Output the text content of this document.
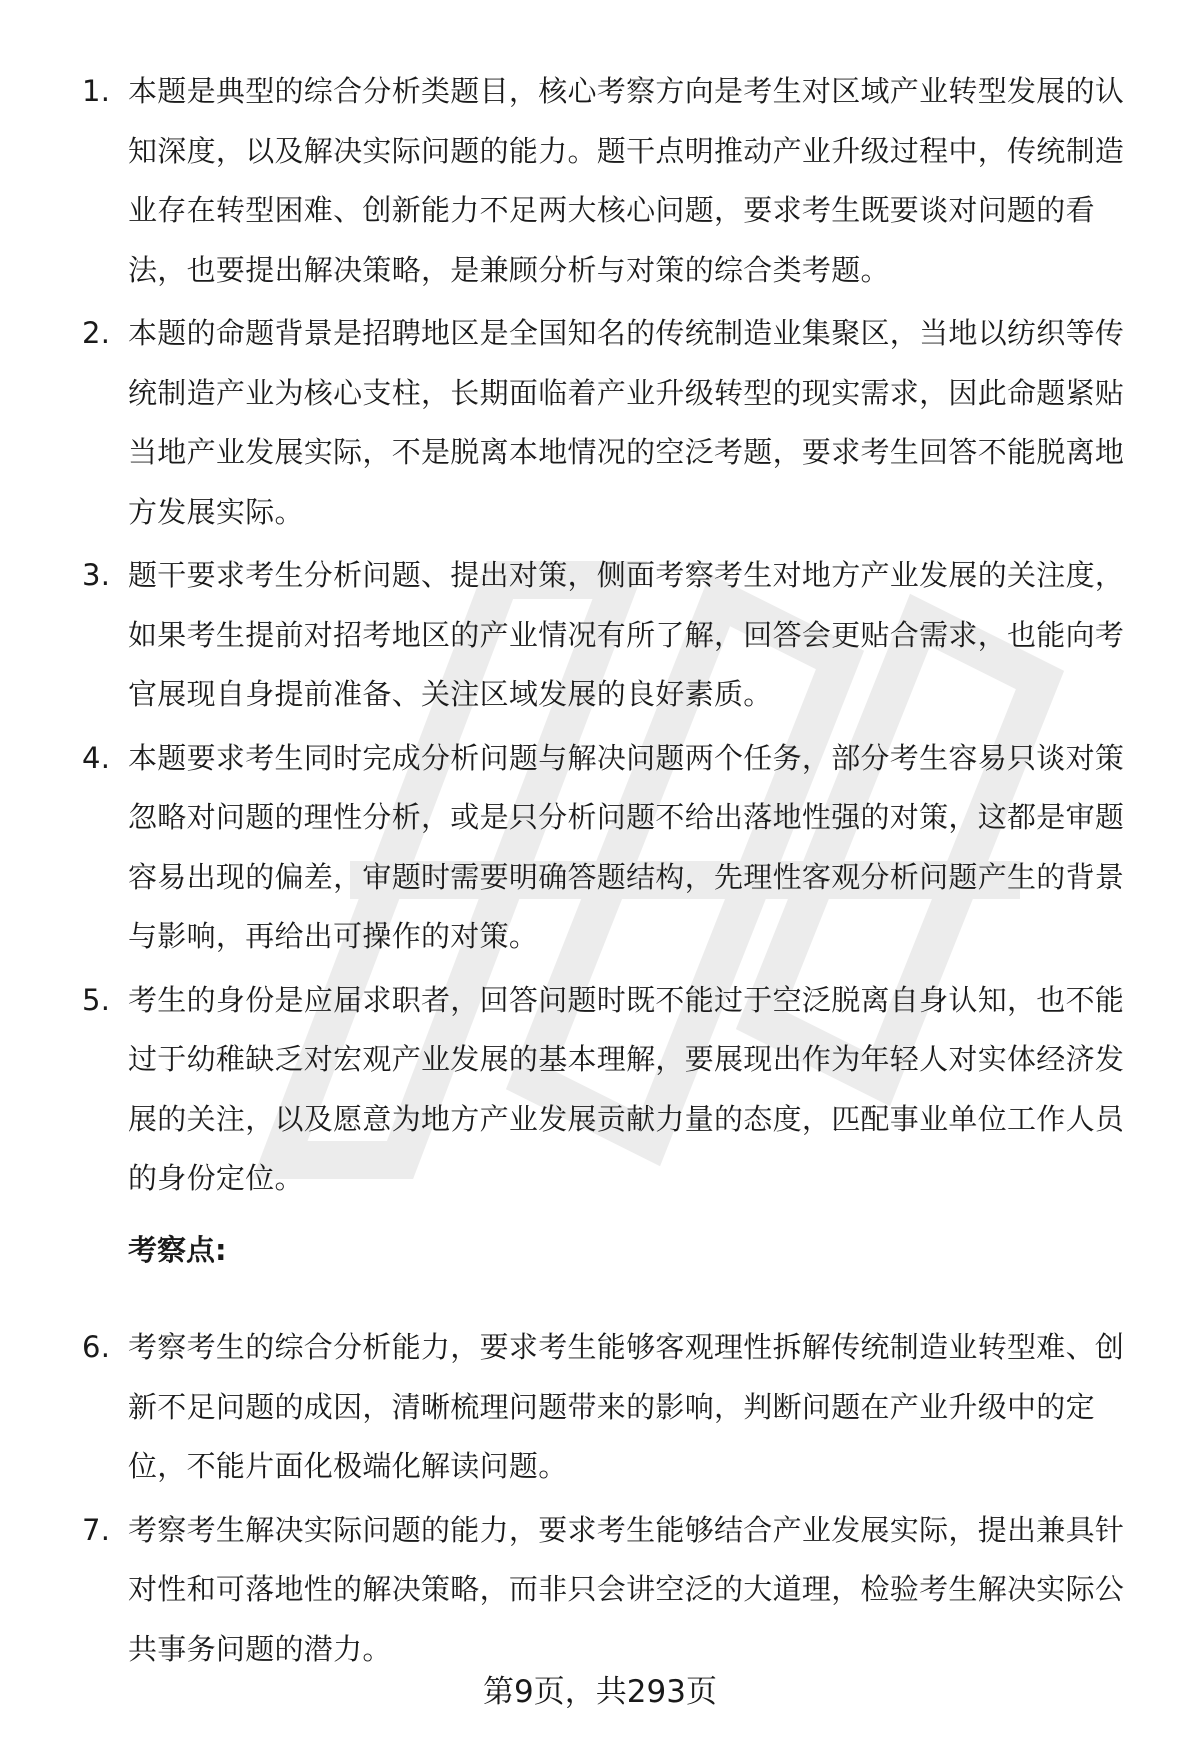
1. 本题是典型的综合分析类题目，核心考察方向是考生对区域产业转型发展的认知深度，以及解决实际问题的能力。题干点明推动产业升级过程中，传统制造业存在转型困难、创新能力不足两大核心问题，要求考生既要谈对问题的看法，也要提出解决策略，是兼顾分析与对策的综合类考题。
2. 本题的命题背景是招聘地区是全国知名的传统制造业集聚区，当地以纺织等传统制造产业为核心支柱，长期面临着产业升级转型的现实需求，因此命题紧贴当地产业发展实际，不是脱离本地情况的空泛考题，要求考生回答不能脱离地方发展实际。
3. 题干要求考生分析问题、提出对策，侧面考察考生对地方产业发展的关注度，如果考生提前对招考地区的产业情况有所了解，回答会更贴合需求，也能向考官展现自身提前准备、关注区域发展的良好素质。
4. 本题要求考生同时完成分析问题与解决问题两个任务，部分考生容易只谈对策忽略对问题的理性分析，或是只分析问题不给出落地性强的对策，这都是审题容易出现的偏差，审题时需要明确答题结构，先理性客观分析问题产生的背景与影响，再给出可操作的对策。
5. 考生的身份是应届求职者，回答问题时既不能过于空泛脱离自身认知，也不能过于幼稚缺乏对宏观产业发展的基本理解，要展现出作为年轻人对实体经济发展的关注，以及愿意为地方产业发展贡献力量的态度，匹配事业单位工作人员的身份定位。
考察点:
6. 考察考生的综合分析能力，要求考生能够客观理性拆解传统制造业转型难、创新不足问题的成因，清晰梳理问题带来的影响，判断问题在产业升级中的定位，不能片面化极端化解读问题。
7. 考察考生解决实际问题的能力，要求考生能够结合产业发展实际，提出兼具针对性和可落地性的解决策略，而非只会讲空泛的大道理，检验考生解决实际公共事务问题的潜力。

第9页，共293页
